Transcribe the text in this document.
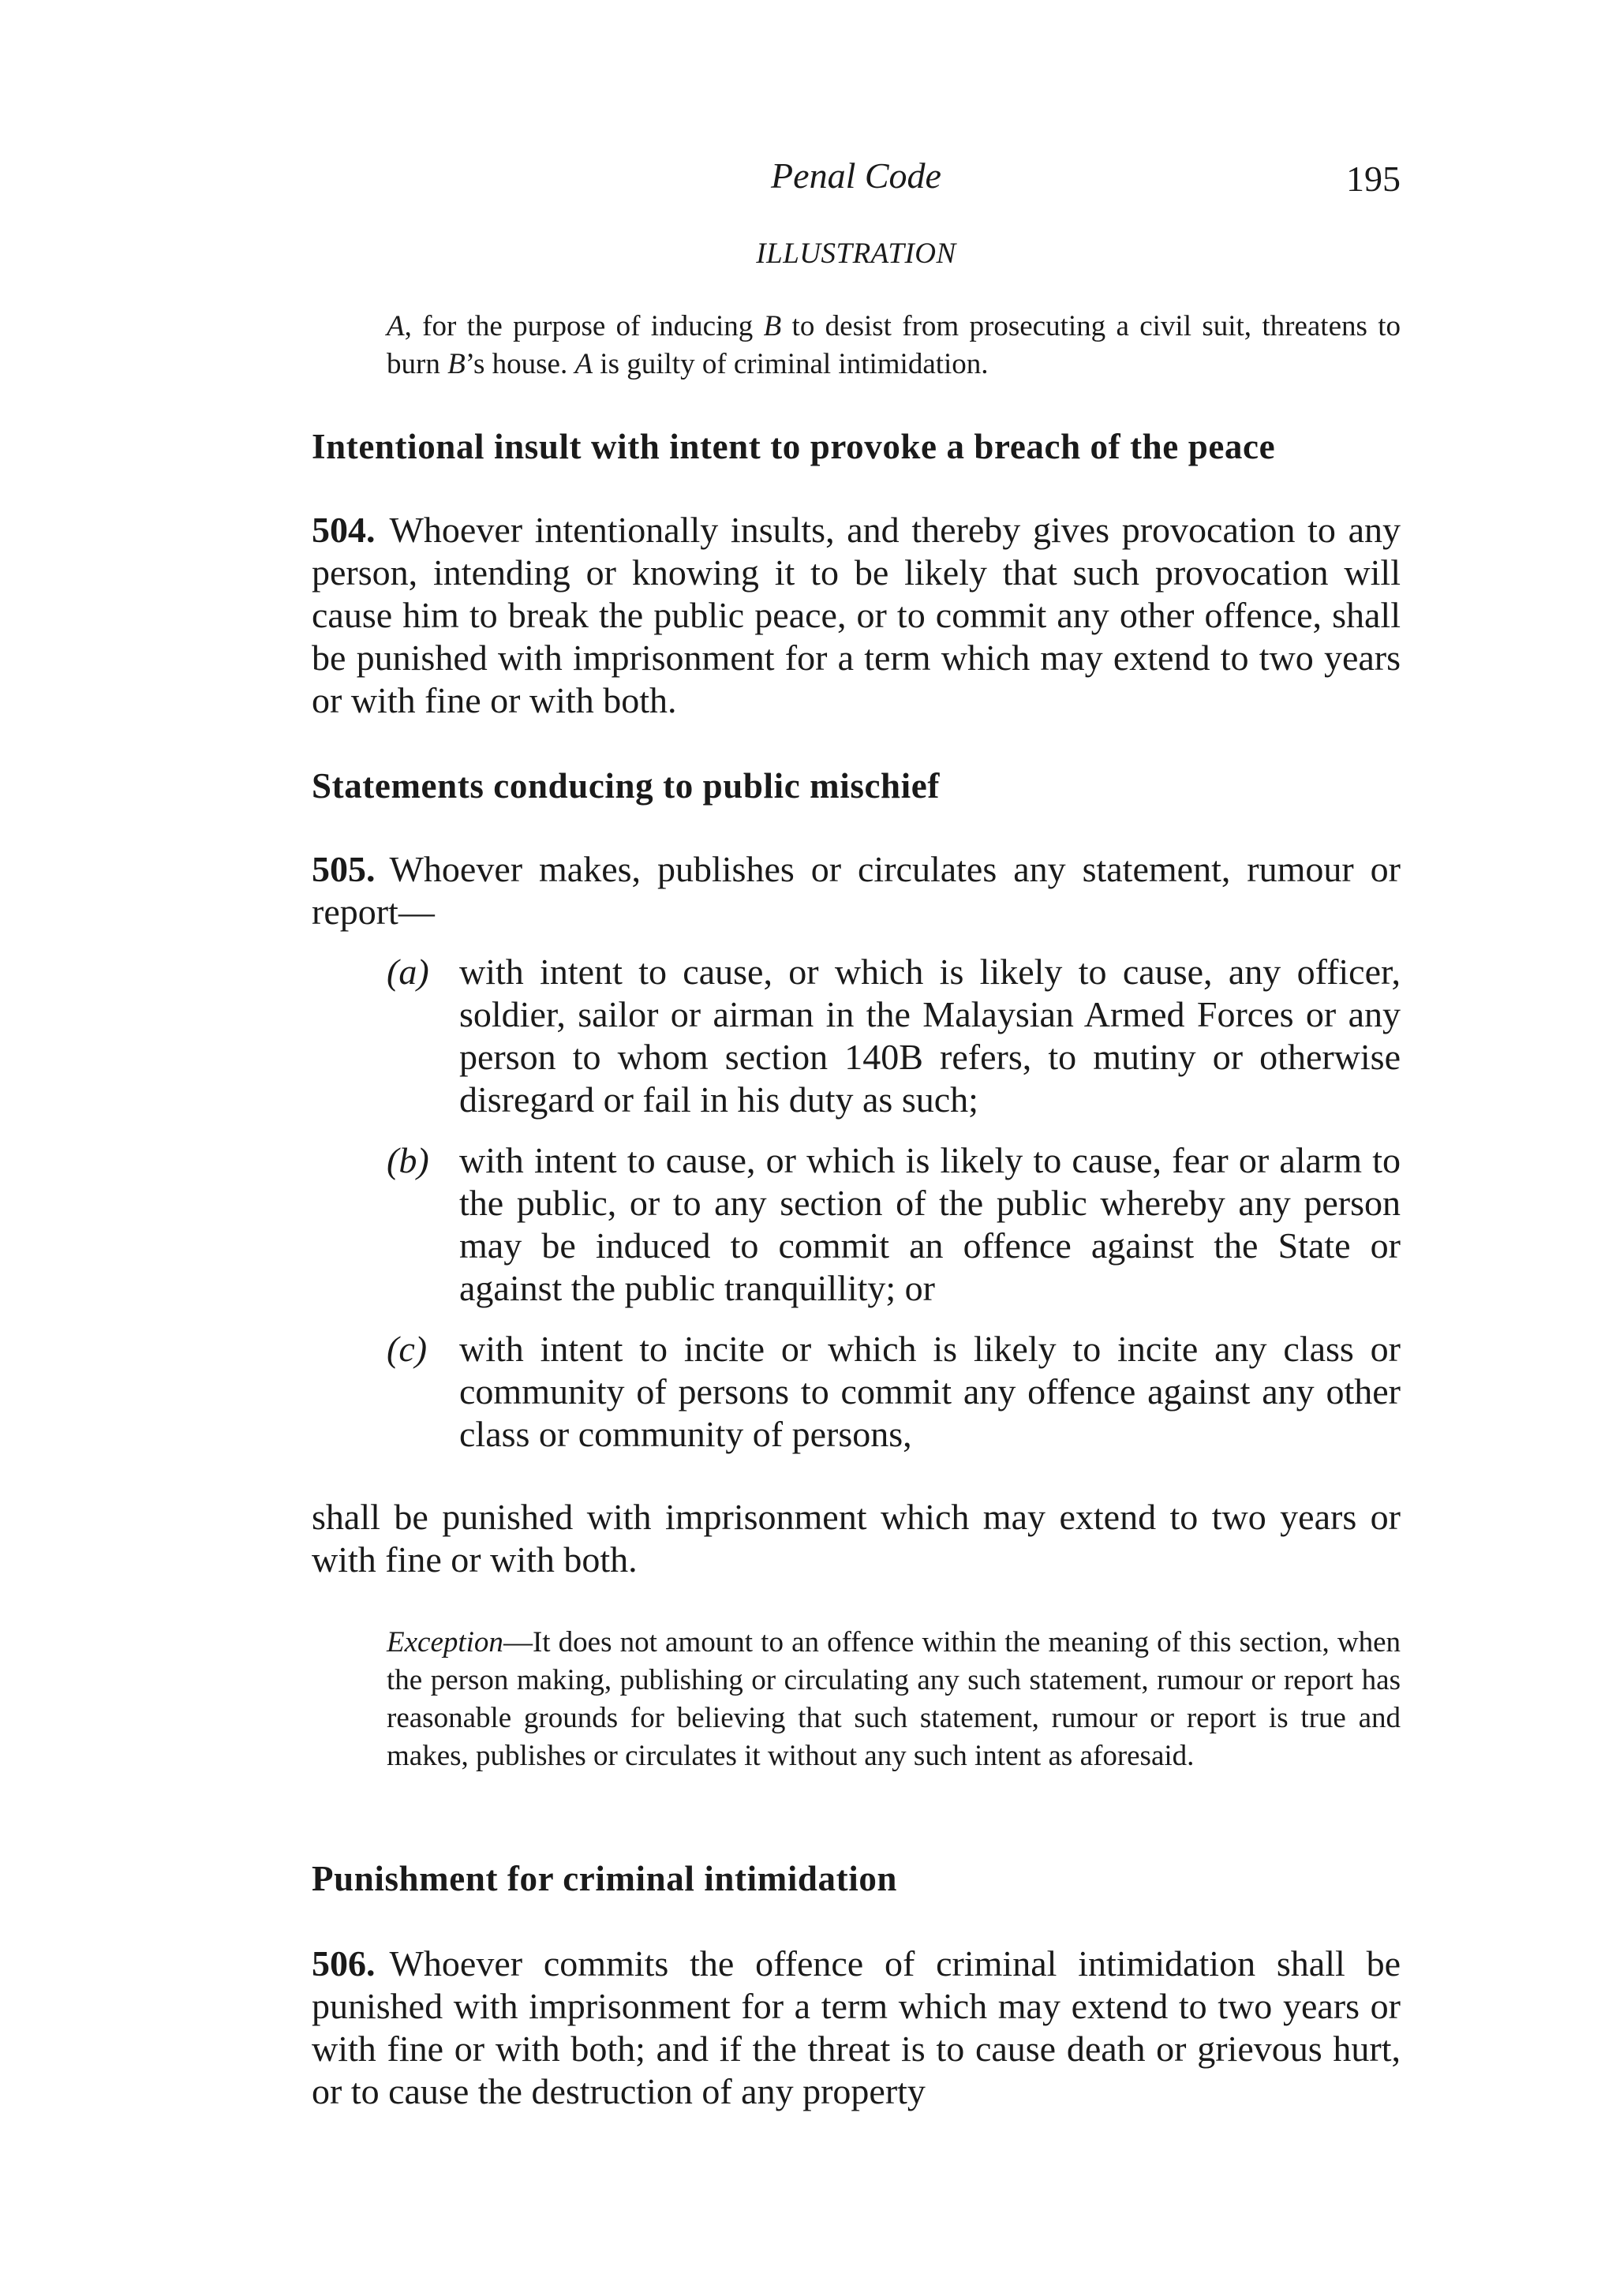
Penal Code	195
ILLUSTRATION
A, for the purpose of inducing B to desist from prosecuting a civil suit, threatens to burn B’s house. A is guilty of criminal intimidation.
Intentional insult with intent to provoke a breach of the peace
504. Whoever intentionally insults, and thereby gives provocation to any person, intending or knowing it to be likely that such provocation will cause him to break the public peace, or to commit any other offence, shall be punished with imprisonment for a term which may extend to two years or with fine or with both.
Statements conducing to public mischief
505. Whoever makes, publishes or circulates any statement, rumour or report—
(a) with intent to cause, or which is likely to cause, any officer, soldier, sailor or airman in the Malaysian Armed Forces or any person to whom section 140B refers, to mutiny or otherwise disregard or fail in his duty as such;
(b) with intent to cause, or which is likely to cause, fear or alarm to the public, or to any section of the public whereby any person may be induced to commit an offence against the State or against the public tranquillity; or
(c) with intent to incite or which is likely to incite any class or community of persons to commit any offence against any other class or community of persons,
shall be punished with imprisonment which may extend to two years or with fine or with both.
Exception—It does not amount to an offence within the meaning of this section, when the person making, publishing or circulating any such statement, rumour or report has reasonable grounds for believing that such statement, rumour or report is true and makes, publishes or circulates it without any such intent as aforesaid.
Punishment for criminal intimidation
506. Whoever commits the offence of criminal intimidation shall be punished with imprisonment for a term which may extend to two years or with fine or with both; and if the threat is to cause death or grievous hurt, or to cause the destruction of any property
